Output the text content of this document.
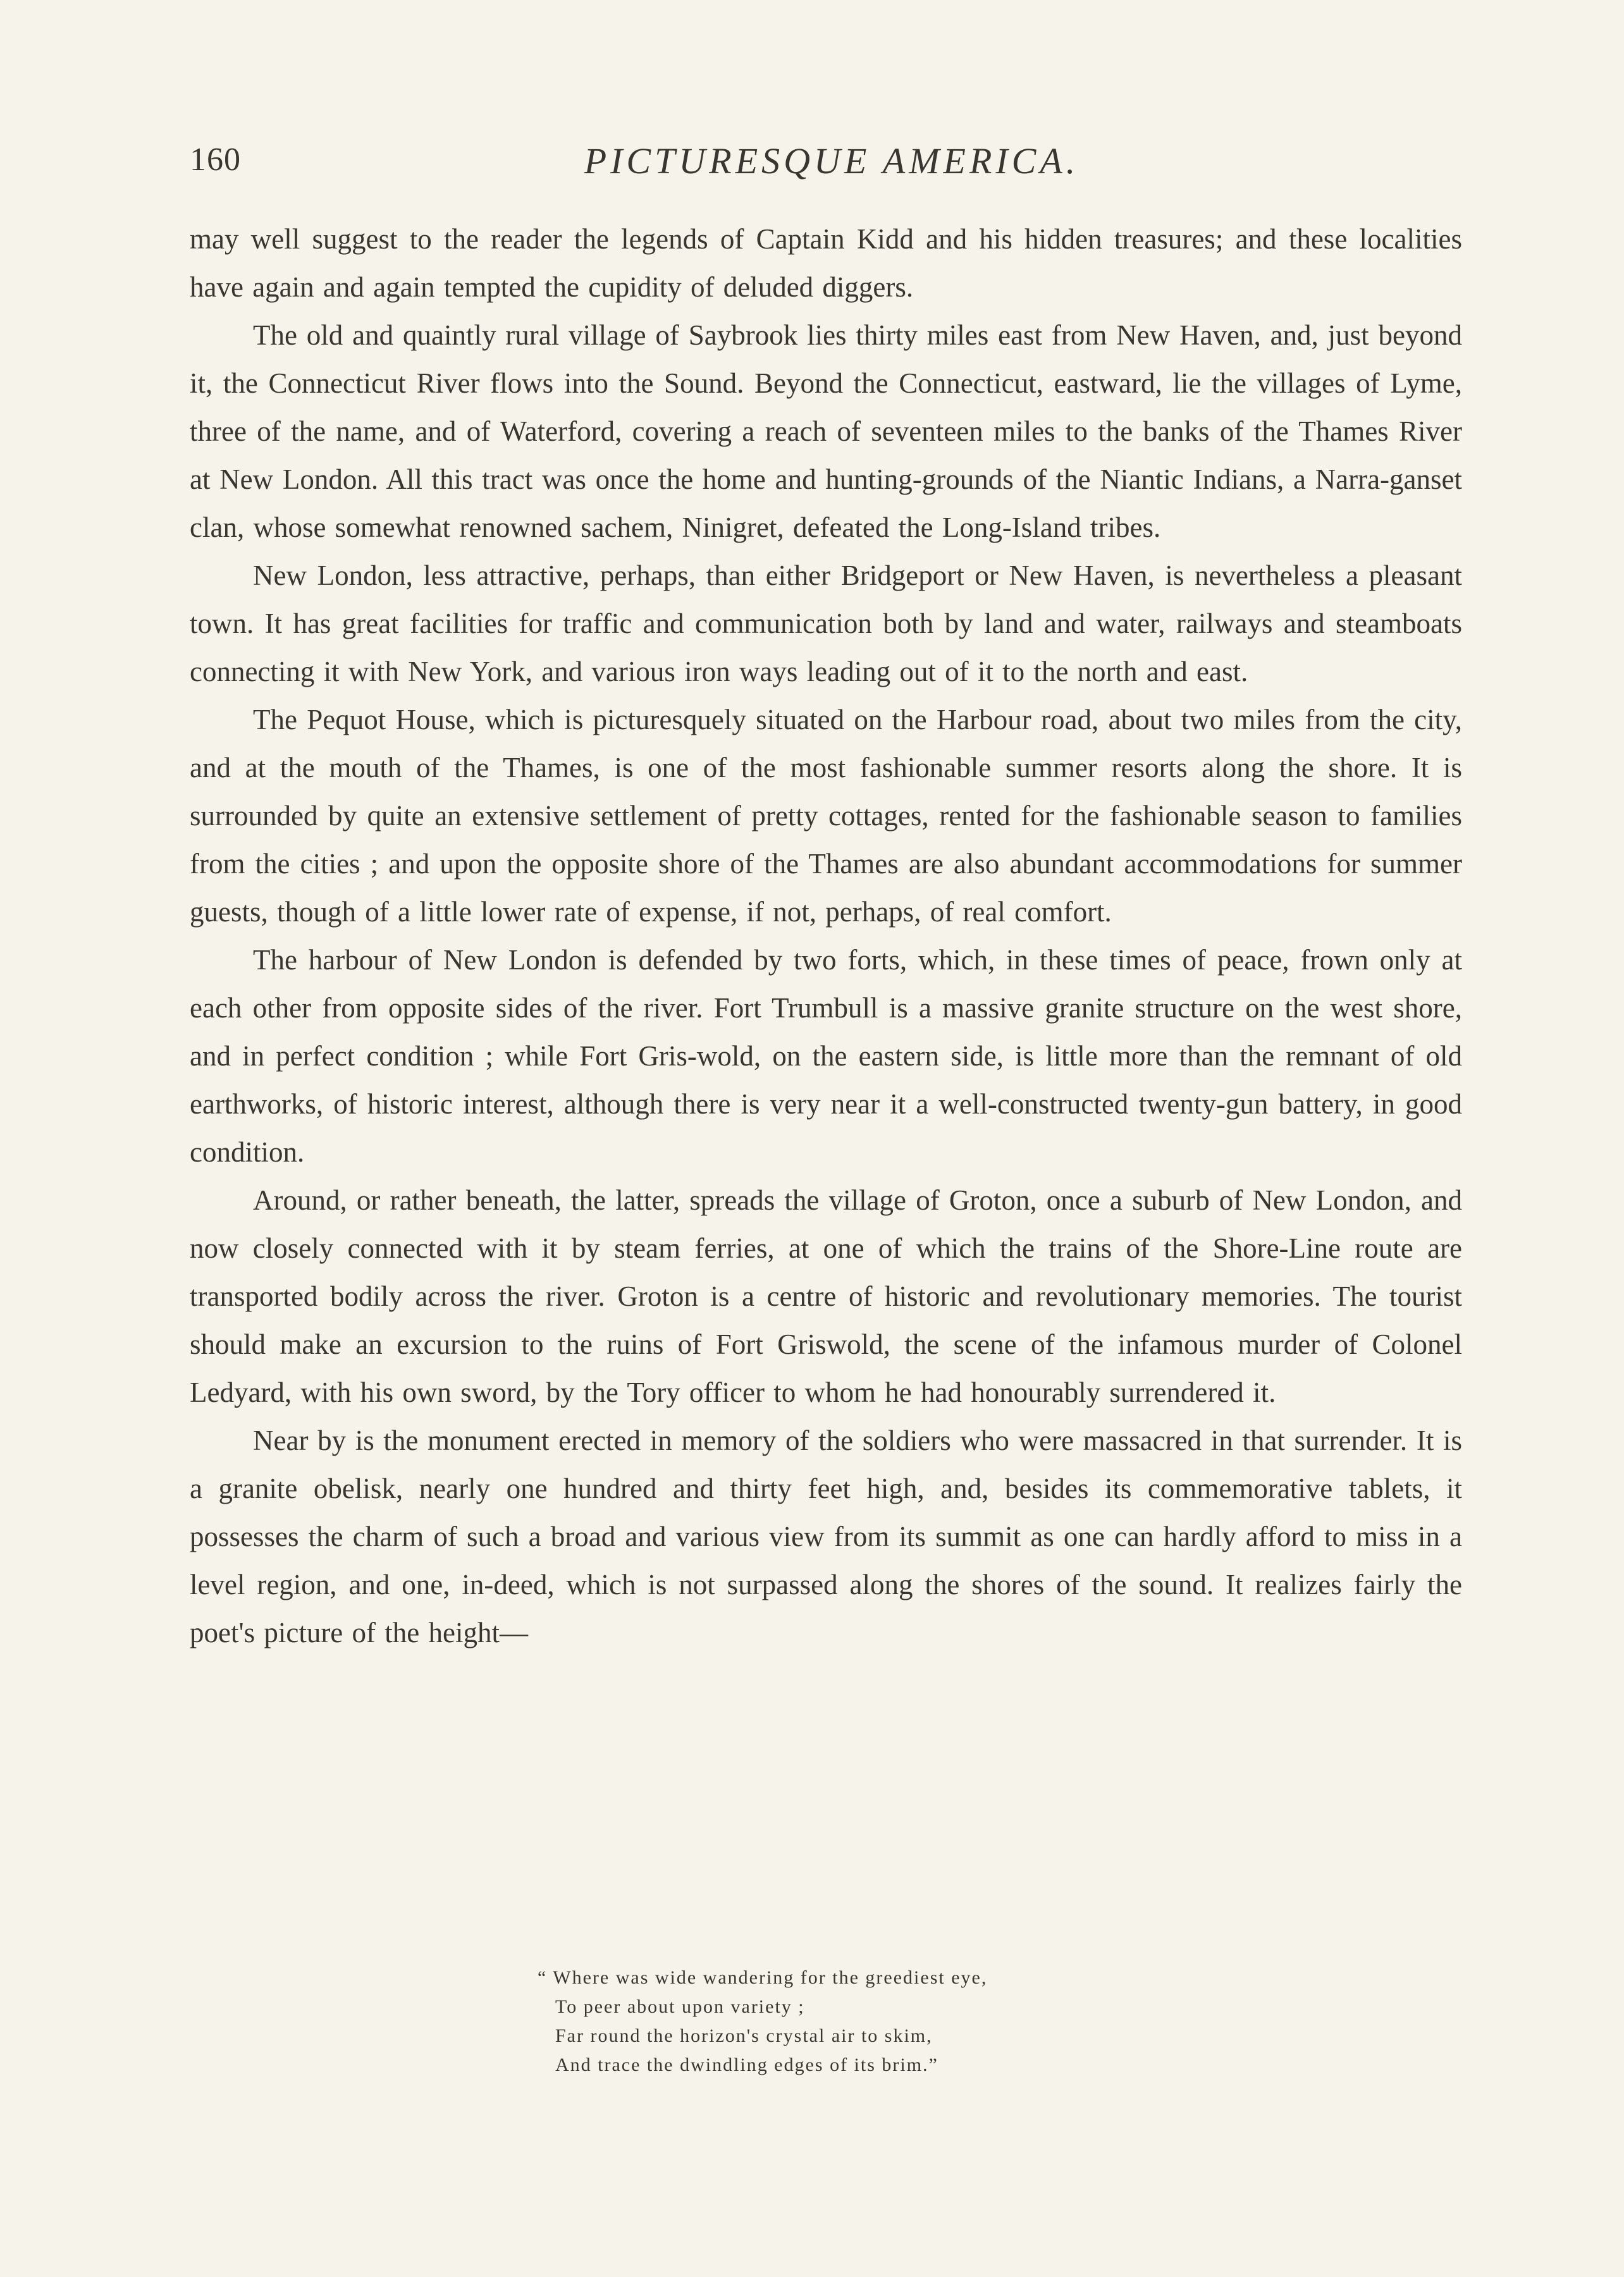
160	PICTURESQUE AMERICA.

may well suggest to the reader the legends of Captain Kidd and his hidden treasures; and these localities have again and again tempted the cupidity of deluded diggers.

The old and quaintly rural village of Saybrook lies thirty miles east from New Haven, and, just beyond it, the Connecticut River flows into the Sound. Beyond the Connecticut, eastward, lie the villages of Lyme, three of the name, and of Waterford, covering a reach of seventeen miles to the banks of the Thames River at New London. All this tract was once the home and hunting-grounds of the Niantic Indians, a Narra-ganset clan, whose somewhat renowned sachem, Ninigret, defeated the Long-Island tribes.

New London, less attractive, perhaps, than either Bridgeport or New Haven, is nevertheless a pleasant town. It has great facilities for traffic and communication both by land and water, railways and steamboats connecting it with New York, and various iron ways leading out of it to the north and east.

The Pequot House, which is picturesquely situated on the Harbour road, about two miles from the city, and at the mouth of the Thames, is one of the most fashionable summer resorts along the shore. It is surrounded by quite an extensive settlement of pretty cottages, rented for the fashionable season to families from the cities ; and upon the opposite shore of the Thames are also abundant accommodations for summer guests, though of a little lower rate of expense, if not, perhaps, of real comfort.

The harbour of New London is defended by two forts, which, in these times of peace, frown only at each other from opposite sides of the river. Fort Trumbull is a massive granite structure on the west shore, and in perfect condition ; while Fort Gris-wold, on the eastern side, is little more than the remnant of old earthworks, of historic interest, although there is very near it a well-constructed twenty-gun battery, in good condition.

Around, or rather beneath, the latter, spreads the village of Groton, once a suburb of New London, and now closely connected with it by steam ferries, at one of which the trains of the Shore-Line route are transported bodily across the river. Groton is a centre of historic and revolutionary memories. The tourist should make an excursion to the ruins of Fort Griswold, the scene of the infamous murder of Colonel Ledyard, with his own sword, by the Tory officer to whom he had honourably surrendered it.

Near by is the monument erected in memory of the soldiers who were massacred in that surrender. It is a granite obelisk, nearly one hundred and thirty feet high, and, besides its commemorative tablets, it possesses the charm of such a broad and various view from its summit as one can hardly afford to miss in a level region, and one, in-deed, which is not surpassed along the shores of the sound. It realizes fairly the poet's picture of the height—

“ Where was wide wandering for the greediest eye,
To peer about upon variety ;
Far round the horizon's crystal air to skim,
And trace the dwindling edges of its brim.”
